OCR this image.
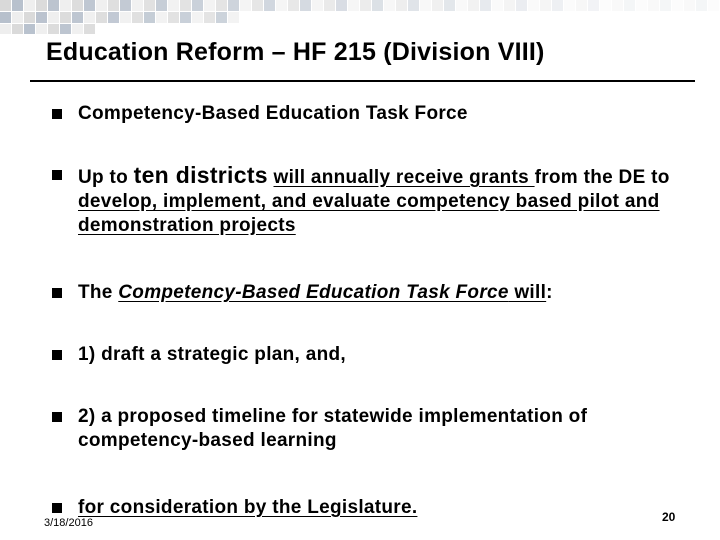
Education Reform – HF 215 (Division VIII)
Competency-Based Education Task Force
Up to ten districts will annually receive grants from the DE to develop, implement, and evaluate competency based pilot and demonstration projects
The Competency-Based Education Task Force will:
1) draft a strategic plan, and,
2) a proposed timeline for statewide implementation of competency-based learning
for consideration by the Legislature.
3/18/2016	20
